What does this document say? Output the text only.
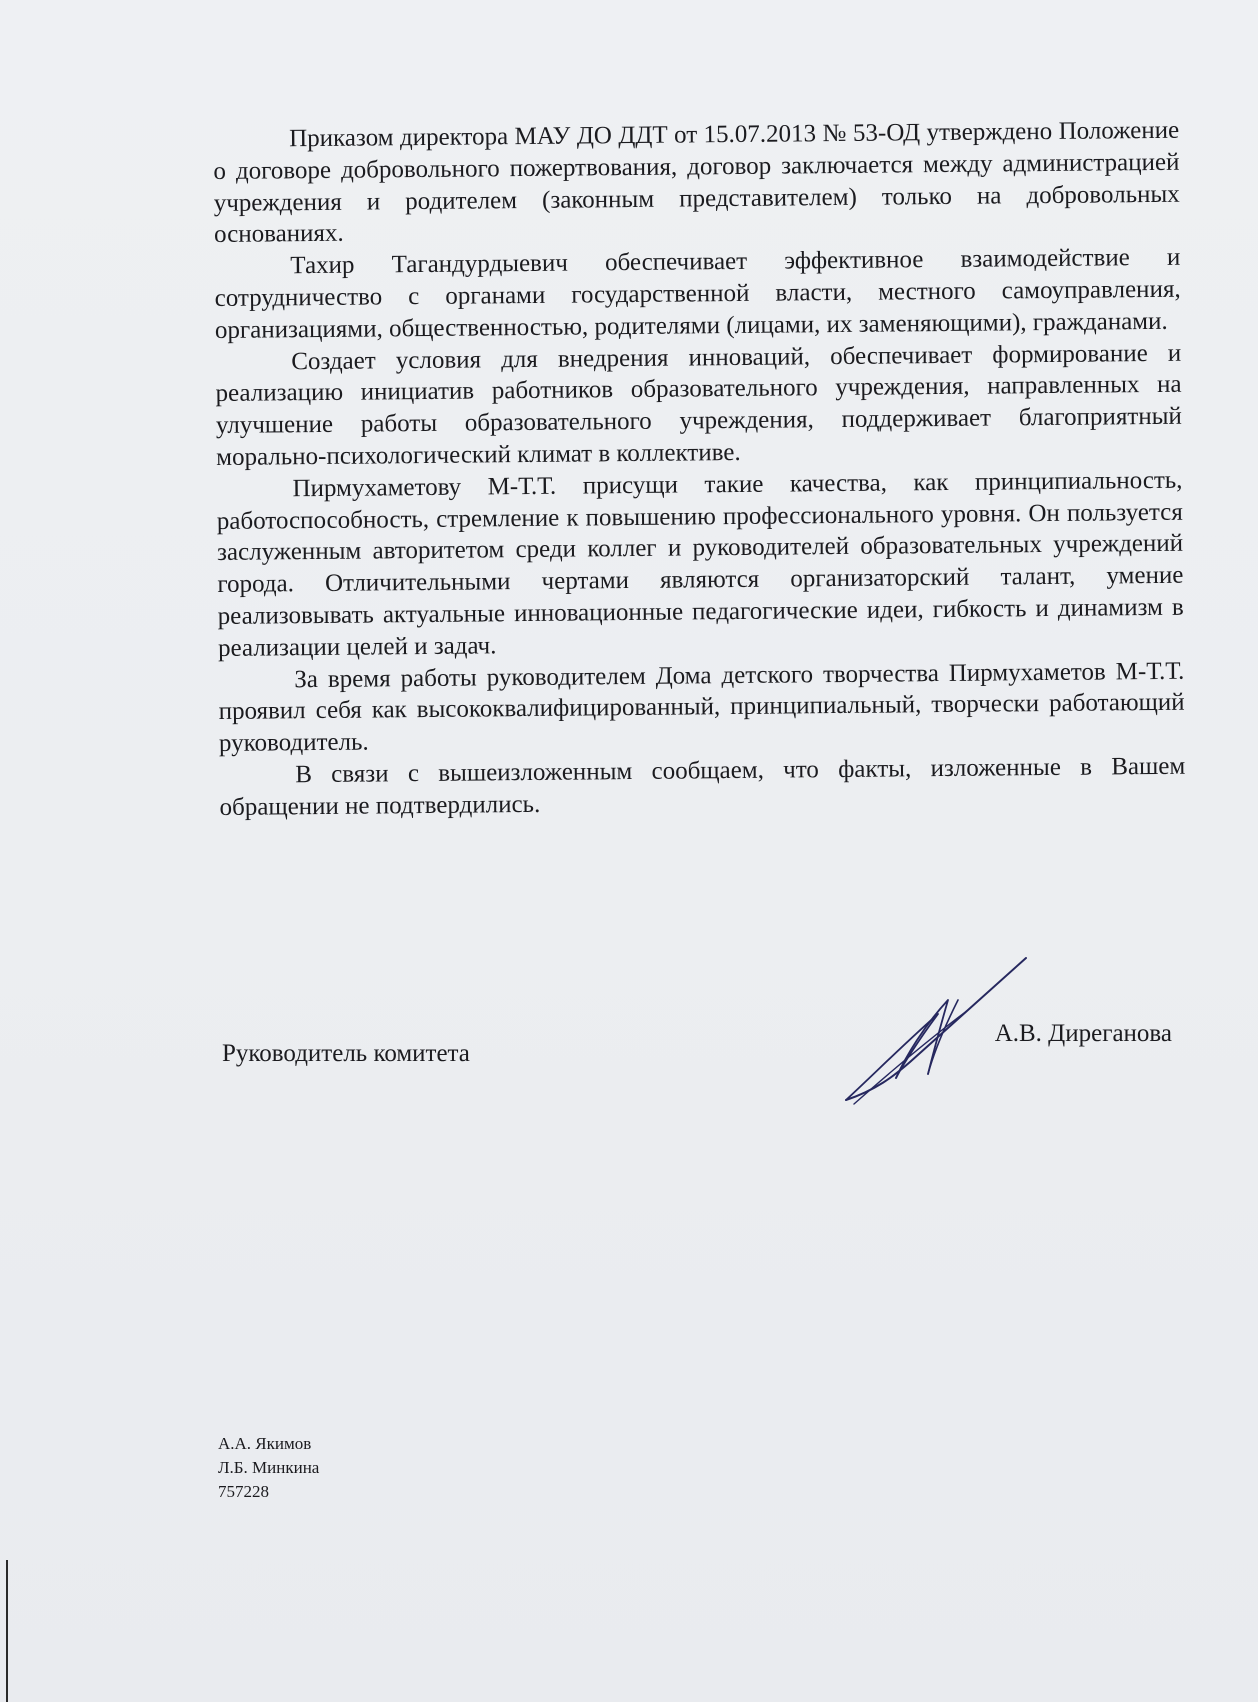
Приказом директора МАУ ДО ДДТ от 15.07.2013 № 53-ОД утверждено Положение о договоре добровольного пожертвования, договор заключается между администрацией учреждения и родителем (законным представителем) только на добровольных основаниях.

Тахир Тагандурдыевич обеспечивает эффективное взаимодействие и сотрудничество с органами государственной власти, местного самоуправления, организациями, общественностью, родителями (лицами, их заменяющими), гражданами.

Создает условия для внедрения инноваций, обеспечивает формирование и реализацию инициатив работников образовательного учреждения, направленных на улучшение работы образовательного учреждения, поддерживает благоприятный морально-психологический климат в коллективе.

Пирмухаметову М-Т.Т. присущи такие качества, как принципиальность, работоспособность, стремление к повышению профессионального уровня. Он пользуется заслуженным авторитетом среди коллег и руководителей образовательных учреждений города. Отличительными чертами являются организаторский талант, умение реализовывать актуальные инновационные педагогические идеи, гибкость и динамизм в реализации целей и задач.

За время работы руководителем Дома детского творчества Пирмухаметов М-Т.Т. проявил себя как высококвалифицированный, принципиальный, творчески работающий руководитель.

В связи с вышеизложенным сообщаем, что факты, изложенные в Вашем обращении не подтвердились.

Руководитель комитета
А.В. Диреганова
А.А. Якимов
Л.Б. Минкина
757228
